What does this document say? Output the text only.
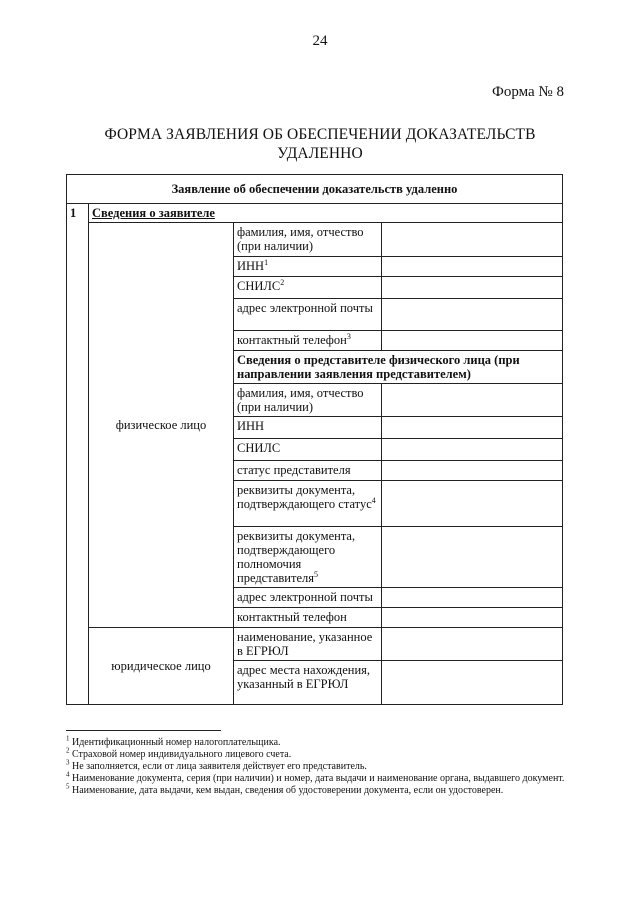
24
Форма № 8
ФОРМА ЗАЯВЛЕНИЯ ОБ ОБЕСПЕЧЕНИИ ДОКАЗАТЕЛЬСТВ
УДАЛЕННО
Заявление об обеспечении доказательств удаленно			
1	Сведения о заявителе		
	физическое лицо	фамилия, имя, отчество (при наличии)	
		ИНН$^1$	
		СНИЛС$^2$	
		адрес электронной почты	
		контактный телефон$^3$	
		Сведения о представителе физического лица (при направлении заявления представителем)	
		фамилия, имя, отчество (при наличии)	
		ИНН	
		СНИЛС	
		статус представителя	
		реквизиты документа, подтверждающего статус$^4$	
		реквизиты документа, подтверждающего полномочия представителя$^5$	
		адрес электронной почты	
		контактный телефон	
	юридическое лицо	наименование, указанное в ЕГРЮЛ	
		адрес места нахождения, указанный в ЕГРЮЛ	
$^1$ Идентификационный номер налогоплательщика.
$^2$ Страховой номер индивидуального лицевого счета.
$^3$ Не заполняется, если от лица заявителя действует его представитель.
$^4$ Наименование документа, серия (при наличии) и номер, дата выдачи и наименование органа, выдавшего документ.
$^5$ Наименование, дата выдачи, кем выдан, сведения об удостоверении документа, если он удостоверен.
